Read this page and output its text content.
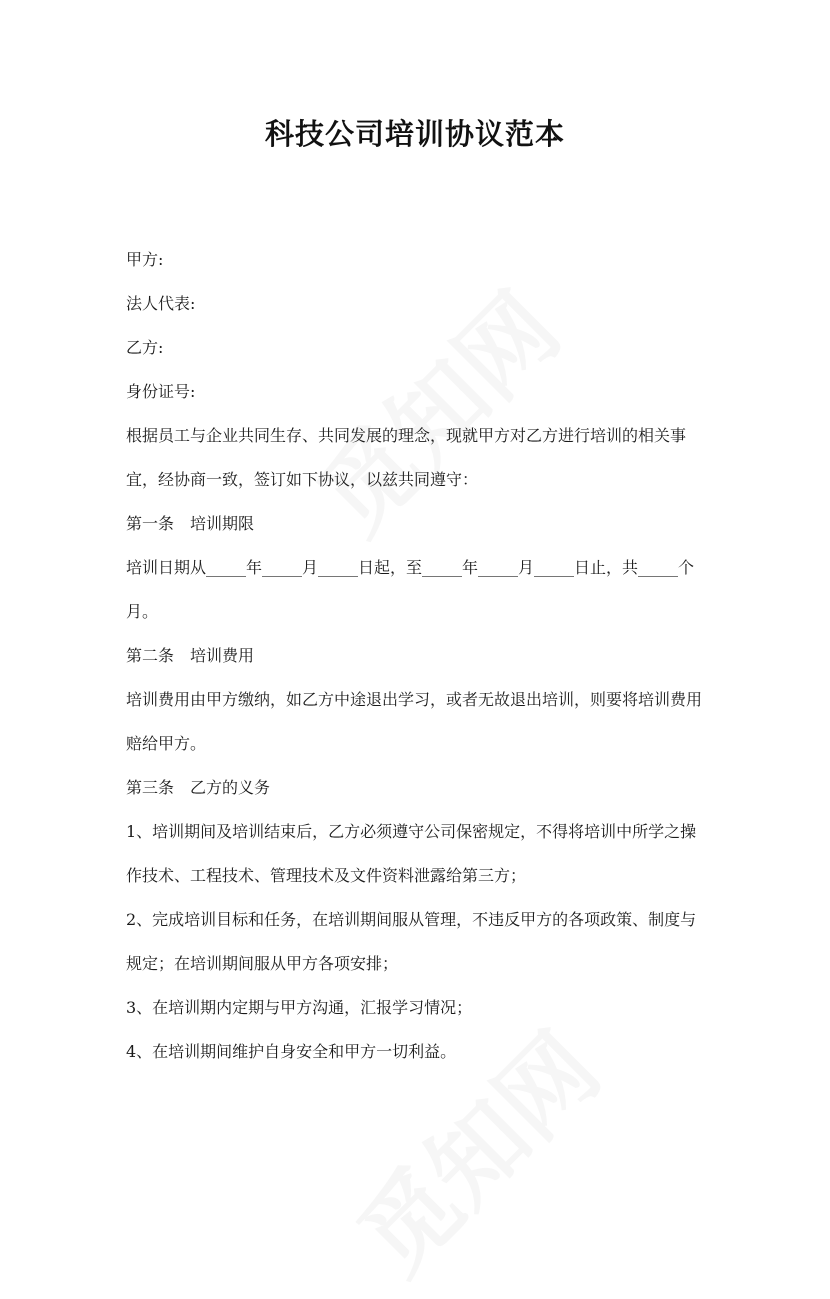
科技公司培训协议范本

甲方:

法人代表:

乙方:

身份证号:

根据员工与企业共同生存、共同发展的理念，现就甲方对乙方进行培训的相关事宜，经协商一致，签订如下协议，以兹共同遵守：

第一条　培训期限

培训日期从_____年_____月_____日起，至_____年_____月_____日止，共_____个月。

第二条　培训费用

培训费用由甲方缴纳，如乙方中途退出学习，或者无故退出培训，则要将培训费用赔给甲方。

第三条　乙方的义务

1、培训期间及培训结束后，乙方必须遵守公司保密规定，不得将培训中所学之操作技术、工程技术、管理技术及文件资料泄露给第三方；

2、完成培训目标和任务，在培训期间服从管理，不违反甲方的各项政策、制度与规定；在培训期间服从甲方各项安排；

3、在培训期内定期与甲方沟通，汇报学习情况；

4、在培训期间维护自身安全和甲方一切利益。
